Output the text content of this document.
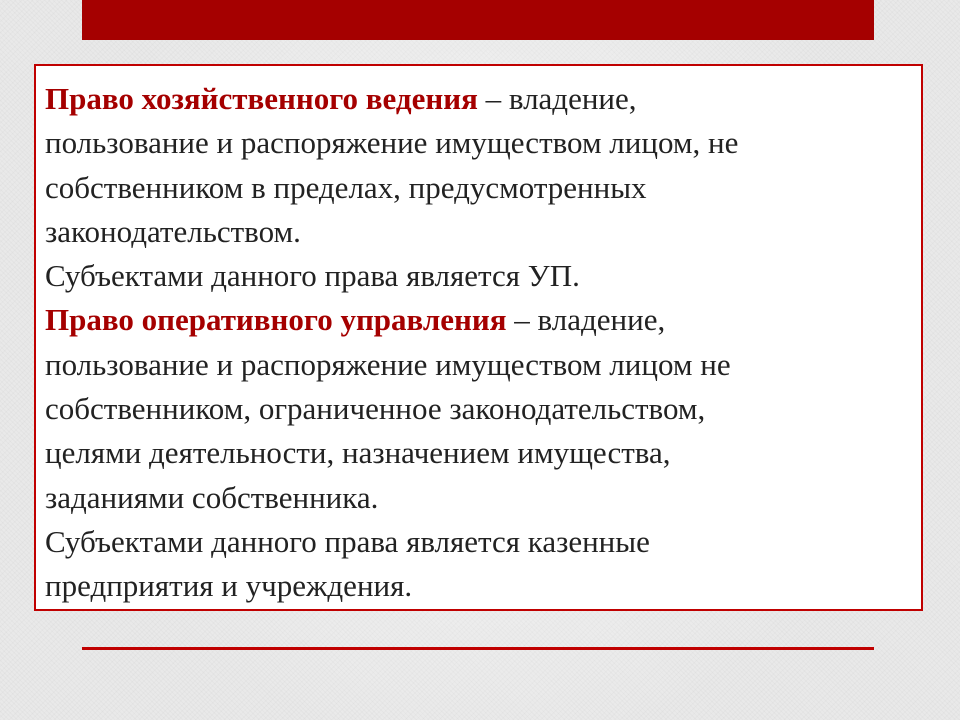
Право хозяйственного ведения – владение,
пользование и распоряжение имуществом лицом, не
собственником в пределах, предусмотренных
законодательством.

Субъектами данного права является УП.

Право оперативного управления – владение,
пользование и распоряжение имуществом лицом не
собственником, ограниченное законодательством,
целями деятельности, назначением имущества,
заданиями собственника.

Субъектами данного права является казенные
предприятия и учреждения.
